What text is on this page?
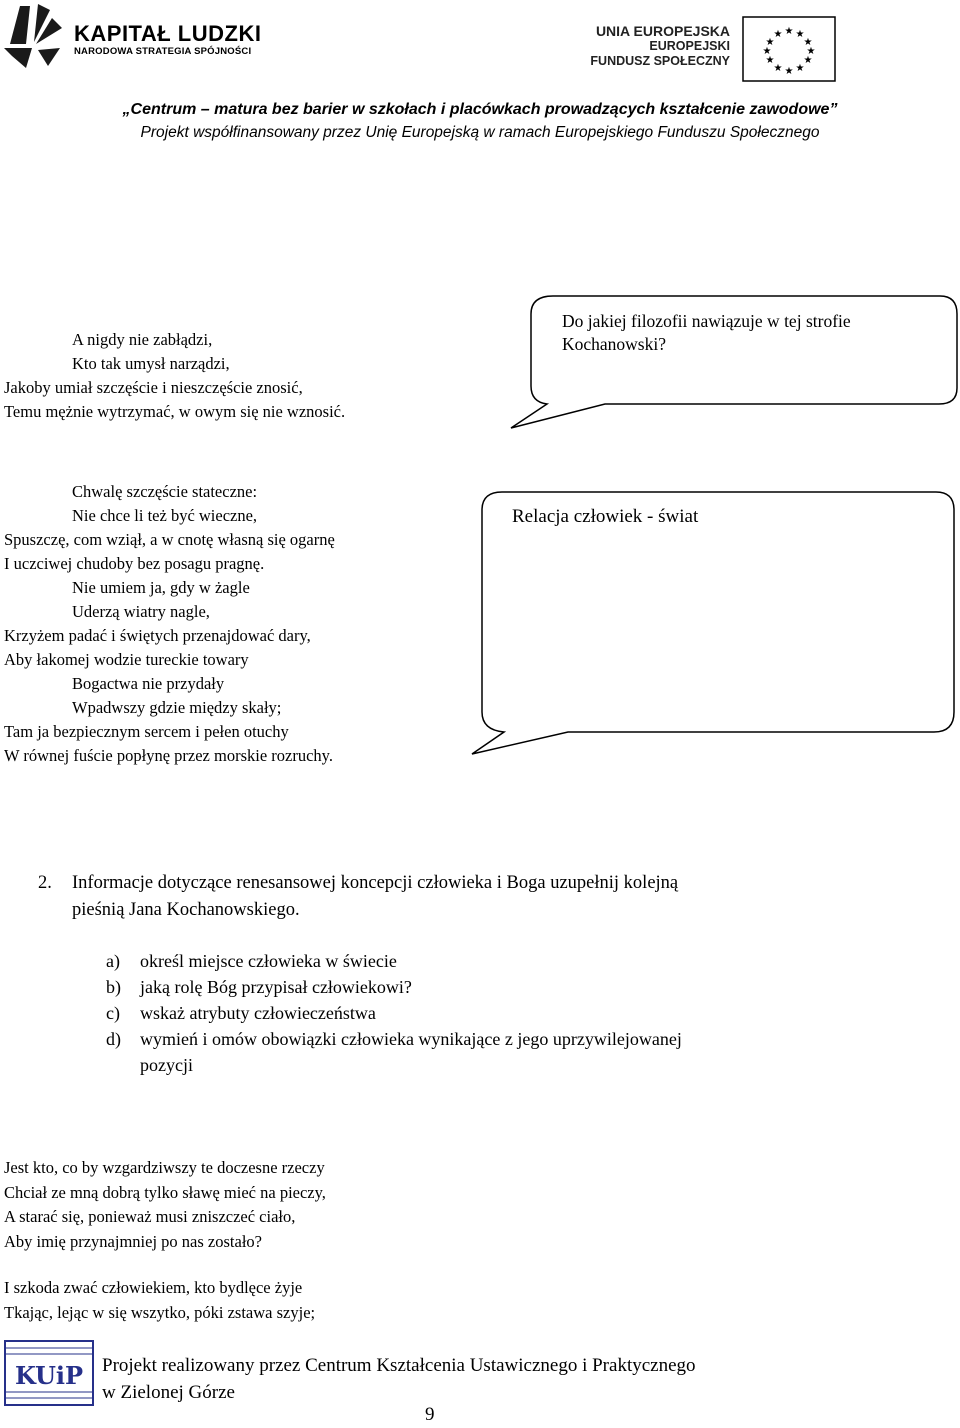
KAPITAŁ LUDZKI
NARODOWA STRATEGIA SPÓJNOŚCI
UNIA EUROPEJSKA
EUROPEJSKI
FUNDUSZ SPOŁECZNY
★ ★
★
★
★
★
★
★
★
★
★
★
„Centrum – matura bez barier w szkołach i placówkach prowadzących kształcenie zawodowe”
Projekt współfinansowany przez Unię Europejską w ramach Europejskiego Funduszu Społecznego
A nigdy nie zabłądzi,
Kto tak umysł narządzi,
Jakoby umiał szczęście i nieszczęście znosić,
Temu mężnie wytrzymać, w owym się nie wznosić.
Do jakiej filozofii nawiązuje w tej strofie
Kochanowski?
Chwalę szczęście stateczne:
Nie chce li też być wieczne,
Spuszczę, com wziął, a w cnotę własną się ogarnę
I uczciwej chudoby bez posagu pragnę.
Nie umiem ja, gdy w żagle
Uderzą wiatry nagle,
Krzyżem padać i świętych przenajdować dary,
Aby łakomej wodzie tureckie towary
Bogactwa nie przydały
Wpadwszy gdzie między skały;
Tam ja bezpiecznym sercem i pełen otuchy
W równej fuście popłynę przez morskie rozruchy.
Relacja człowiek - świat
2.	Informacje dotyczące renesansowej koncepcji człowieka i Boga uzupełnij kolejną
pieśnią Jana Kochanowskiego.
a)	określ miejsce człowieka w świecie
b)	jaką rolę Bóg przypisał człowiekowi?
c)	wskaż atrybuty człowieczeństwa
d)	wymień i omów obowiązki człowieka wynikające z jego uprzywilejowanej
pozycji
Jest kto, co by wzgardziwszy te doczesne rzeczy
Chciał ze mną dobrą tylko sławę mieć na pieczy,
A starać się, ponieważ musi zniszczeć ciało,
Aby imię przynajmniej po nas zostało?
I szkoda zwać człowiekiem, kto bydlęce żyje
Tkając, lejąc w się wszytko, póki zstawa szyje;
KUiP Projekt realizowany przez Centrum Kształcenia Ustawicznego i Praktycznego
w Zielonej Górze
9
